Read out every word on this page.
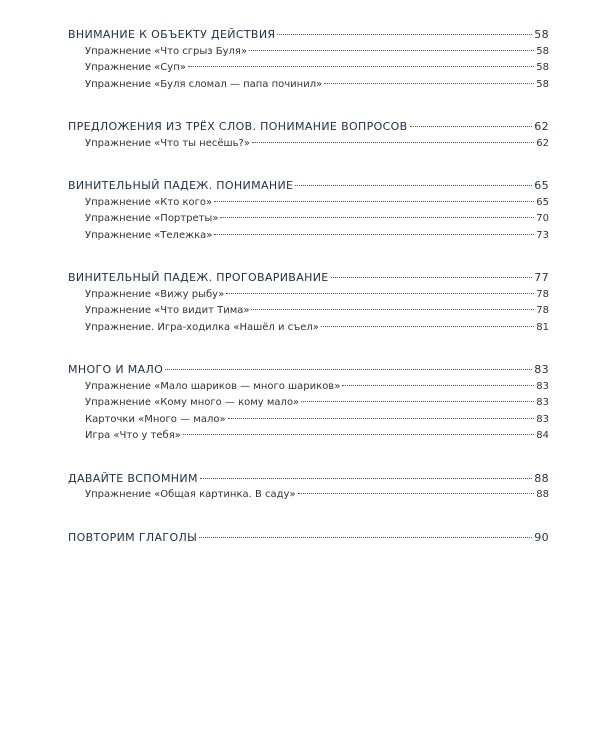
ВНИМАНИЕ К ОБЪЕКТУ ДЕЙСТВИЯ	58
Упражнение «Что сгрыз Буля»	58
Упражнение «Суп»	58
Упражнение «Буля сломал — папа починил»	58
ПРЕДЛОЖЕНИЯ ИЗ ТРЁХ СЛОВ. ПОНИМАНИЕ ВОПРОСОВ	62
Упражнение «Что ты несёшь?»	62
ВИНИТЕЛЬНЫЙ ПАДЕЖ. ПОНИМАНИЕ	65
Упражнение «Кто кого»	65
Упражнение «Портреты»	70
Упражнение «Тележка»	73
ВИНИТЕЛЬНЫЙ ПАДЕЖ. ПРОГОВАРИВАНИЕ	77
Упражнение «Вижу рыбу»	78
Упражнение «Что видит Тима»	78
Упражнение. Игра-ходилка «Нашёл и съел»	81
МНОГО И МАЛО	83
Упражнение «Мало шариков — много шариков»	83
Упражнение «Кому много — кому мало»	83
Карточки «Много — мало»	83
Игра «Что у тебя»	84
ДАВАЙТЕ ВСПОМНИМ	88
Упражнение «Общая картинка. В саду»	88
ПОВТОРИМ ГЛАГОЛЫ	90
